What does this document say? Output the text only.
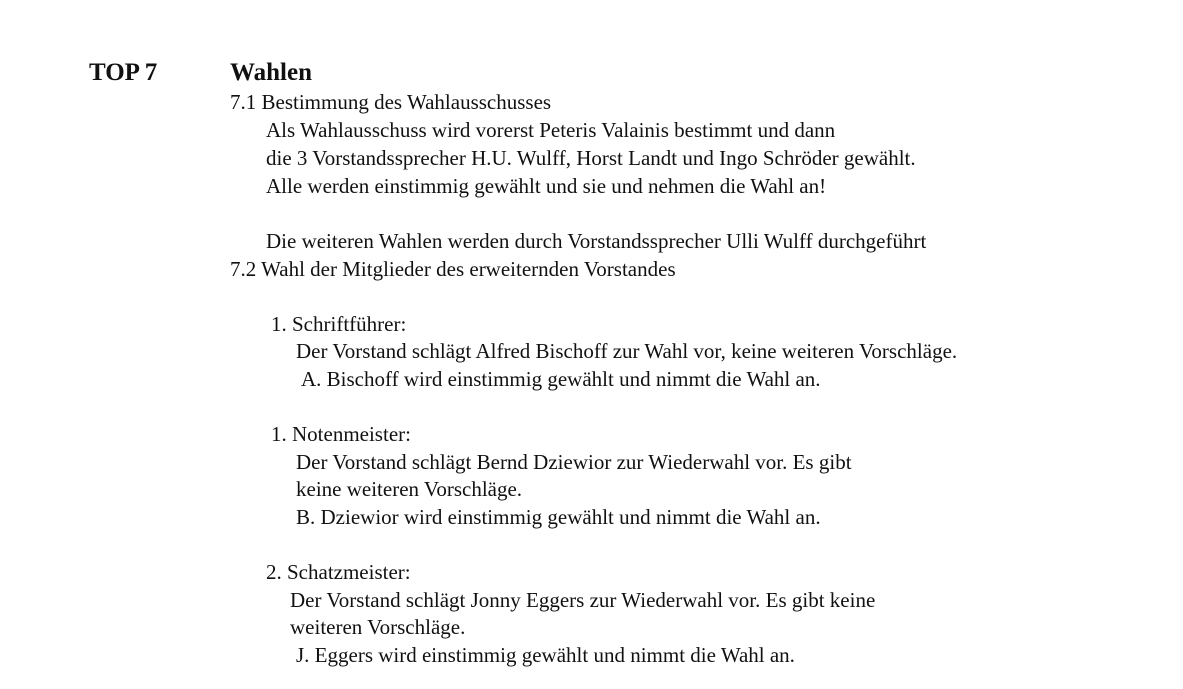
TOP 7	Wahlen
7.1 Bestimmung des Wahlausschusses
Als Wahlausschuss wird vorerst Peteris Valainis bestimmt und dann
die 3 Vorstandssprecher H.U. Wulff, Horst Landt und Ingo Schröder gewählt.
Alle werden einstimmig gewählt und sie und nehmen die Wahl an!
Die weiteren Wahlen werden durch Vorstandssprecher Ulli Wulff durchgeführt
7.2 Wahl der Mitglieder des erweiternden Vorstandes
1. Schriftführer:
Der Vorstand schlägt Alfred Bischoff zur Wahl vor, keine weiteren Vorschläge.
A. Bischoff wird einstimmig gewählt und nimmt die Wahl an.
1. Notenmeister:
Der Vorstand schlägt Bernd Dziewior zur Wiederwahl vor. Es gibt
keine weiteren Vorschläge.
B. Dziewior wird einstimmig gewählt und nimmt die Wahl an.
2. Schatzmeister:
Der Vorstand schlägt Jonny Eggers zur Wiederwahl vor. Es gibt keine
weiteren Vorschläge.
J. Eggers wird einstimmig gewählt und nimmt die Wahl an.
